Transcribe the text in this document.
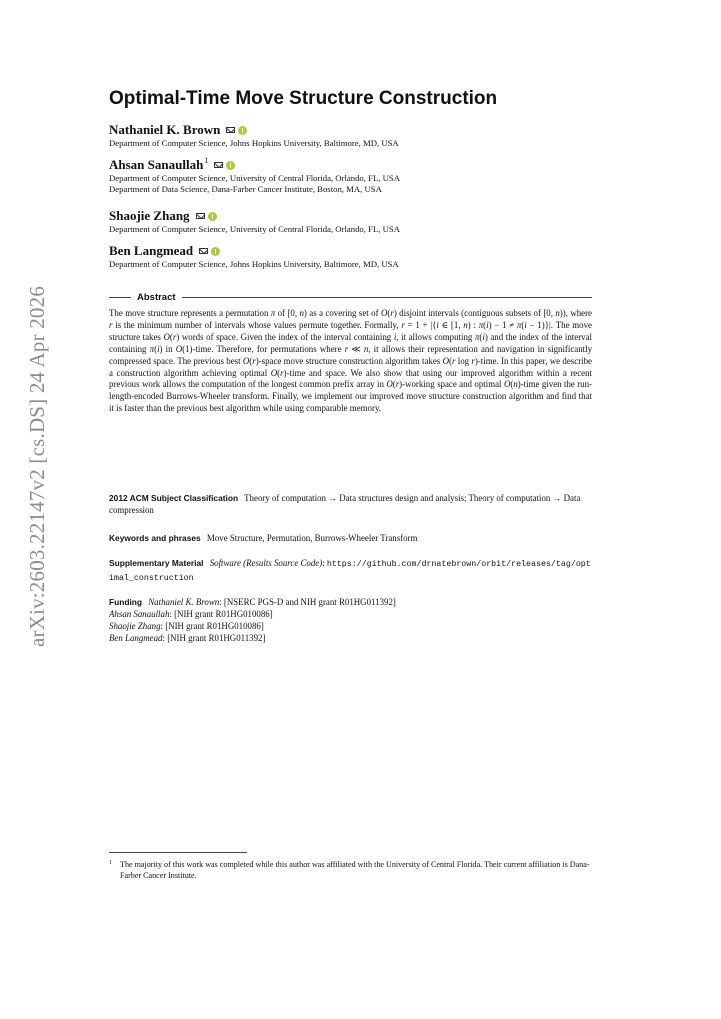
arXiv:2603.22147v2 [cs.DS] 24 Apr 2026
Optimal-Time Move Structure Construction
Nathaniel K. Brown
Department of Computer Science, Johns Hopkins University, Baltimore, MD, USA
Ahsan Sanaullah$^1$
Department of Computer Science, University of Central Florida, Orlando, FL, USA
Department of Data Science, Dana-Farber Cancer Institute, Boston, MA, USA
Shaojie Zhang
Department of Computer Science, University of Central Florida, Orlando, FL, USA
Ben Langmead
Department of Computer Science, Johns Hopkins University, Baltimore, MD, USA
Abstract
The move structure represents a permutation π of [0, n) as a covering set of O(r) disjoint intervals (contiguous subsets of [0, n)), where r is the minimum number of intervals whose values permute together. Formally, r = 1 + |{i ∈ [1, n) : π(i) − 1 ≠ π(i − 1)}|. The move structure takes O(r) words of space. Given the index of the interval containing i, it allows computing π(i) and the index of the interval containing π(i) in O(1)-time. Therefore, for permutations where r ≪ n, it allows their representation and navigation in significantly compressed space. The previous best O(r)-space move structure construction algorithm takes O(r log r)-time. In this paper, we describe a construction algorithm achieving optimal O(r)-time and space. We also show that using our improved algorithm within a recent previous work allows the computation of the longest common prefix array in O(r)-working space and optimal O(n)-time given the run-length-encoded Burrows-Wheeler transform. Finally, we implement our improved move structure construction algorithm and find that it is faster than the previous best algorithm while using comparable memory.
2012 ACM Subject Classification Theory of computation → Data structures design and analysis; Theory of computation → Data compression
Keywords and phrases Move Structure, Permutation, Burrows-Wheeler Transform
Supplementary Material Software (Results Source Code): https://github.com/drnatebrown/orbit/releases/tag/optimal_construction
Funding Nathaniel K. Brown: [NSERC PGS-D and NIH grant R01HG011392]
Ahsan Sanaullah: [NIH grant R01HG010086]
Shaojie Zhang: [NIH grant R01HG010086]
Ben Langmead: [NIH grant R01HG011392]
1 The majority of this work was completed while this author was affiliated with the University of Central Florida. Their current affiliation is Dana-Farber Cancer Institute.
